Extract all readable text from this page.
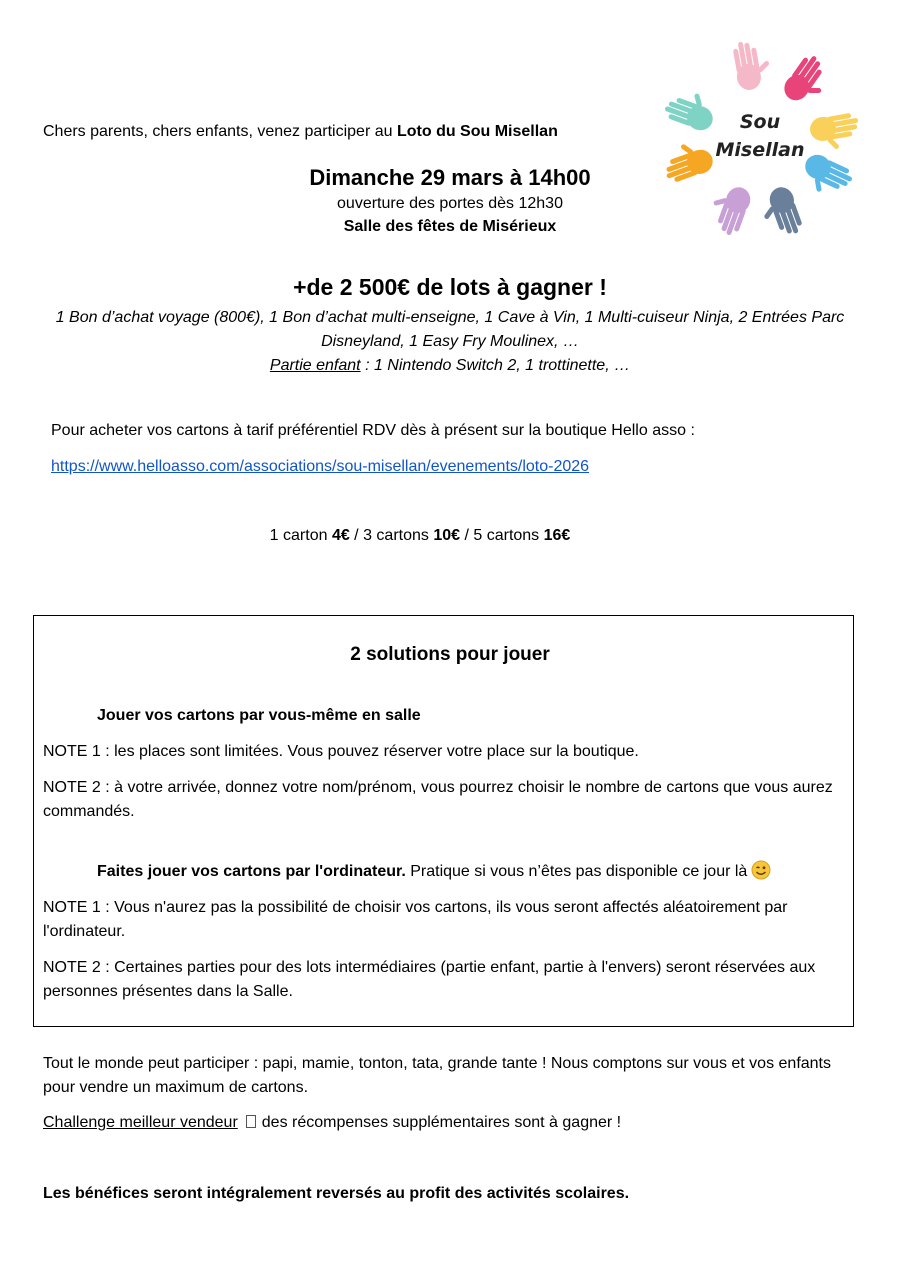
Sou
Misellan
Chers parents, chers enfants, venez participer au Loto du Sou Misellan
Dimanche 29 mars à 14h00
ouverture des portes dès 12h30
Salle des fêtes de Misérieux
+de 2 500€ de lots à gagner !
1 Bon d’achat voyage (800€), 1 Bon d’achat multi-enseigne, 1 Cave à Vin, 1 Multi-cuiseur Ninja, 2 Entrées Parc
Disneyland, 1 Easy Fry Moulinex, …
Partie enfant : 1 Nintendo Switch 2, 1 trottinette, …
Pour acheter vos cartons à tarif préférentiel RDV dès à présent sur la boutique Hello asso :
https://www.helloasso.com/associations/sou-misellan/evenements/loto-2026
1 carton 4€ / 3 cartons 10€ / 5 cartons 16€
2 solutions pour jouer
Jouer vos cartons par vous-même en salle
NOTE 1 : les places sont limitées. Vous pouvez réserver votre place sur la boutique.
NOTE 2 : à votre arrivée, donnez votre nom/prénom, vous pourrez choisir le nombre de cartons que vous aurez commandés.
Faites jouer vos cartons par l'ordinateur. Pratique si vous n’êtes pas disponible ce jour là
NOTE 1 : Vous n'aurez pas la possibilité de choisir vos cartons, ils vous seront affectés aléatoirement par l'ordinateur.
NOTE 2 : Certaines parties pour des lots intermédiaires (partie enfant, partie à l'envers) seront réservées aux personnes présentes dans la Salle.
Tout le monde peut participer : papi, mamie, tonton, tata, grande tante ! Nous comptons sur vous et vos enfants pour vendre un maximum de cartons.
Challenge meilleur vendeur des récompenses supplémentaires sont à gagner !
Les bénéfices seront intégralement reversés au profit des activités scolaires.
